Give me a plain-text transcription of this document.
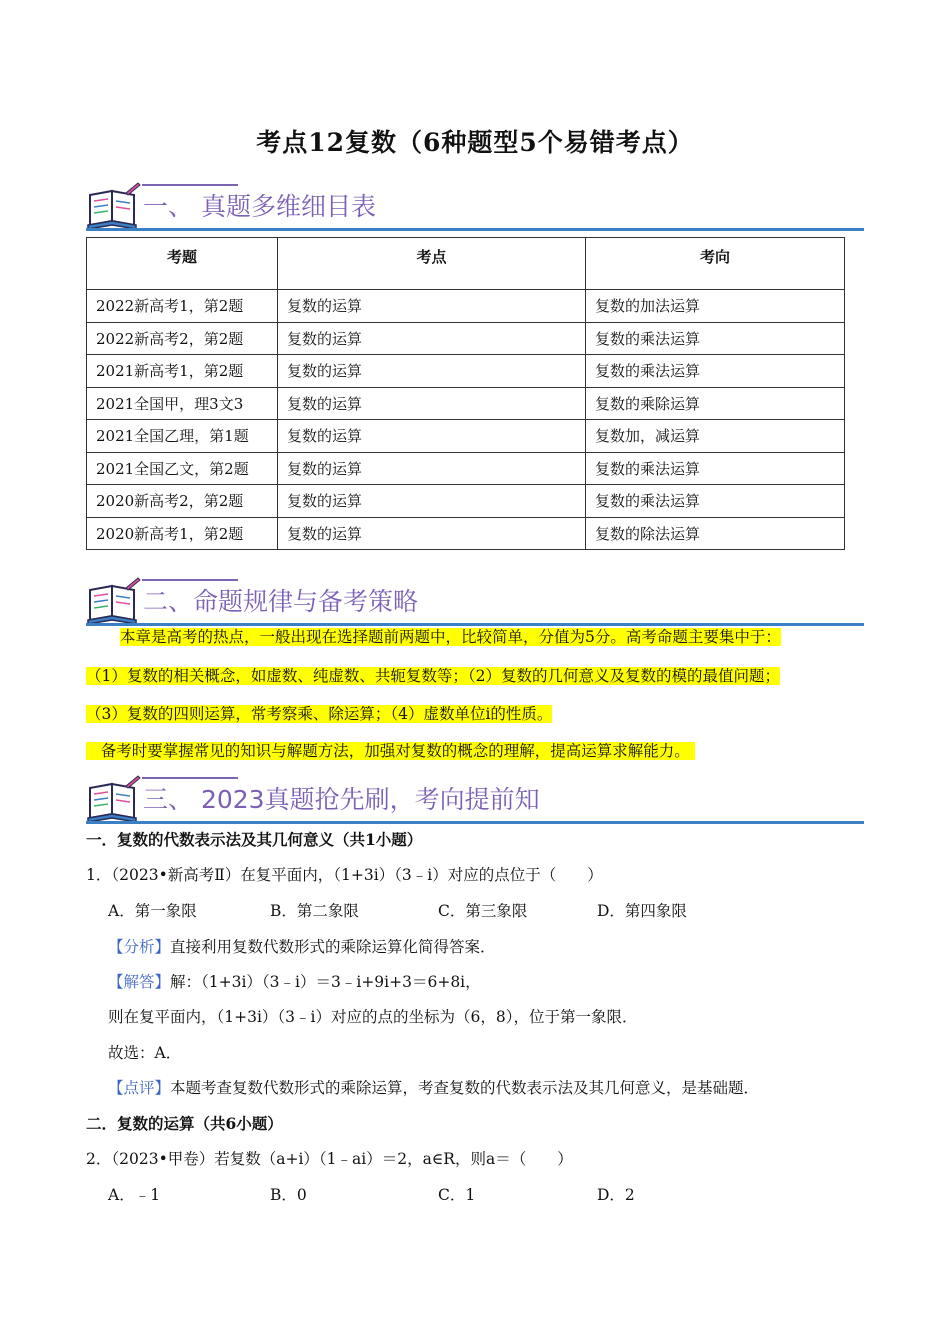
考点12复数（6种题型5个易错考点）
一、 真题多维细目表
考题	考点	考向
2022新高考1，第2题	复数的运算	复数的加法运算
2022新高考2，第2题	复数的运算	复数的乘法运算
2021新高考1，第2题	复数的运算	复数的乘法运算
2021全国甲，理3文3	复数的运算	复数的乘除运算
2021全国乙理，第1题	复数的运算	复数加，减运算
2021全国乙文，第2题	复数的运算	复数的乘法运算
2020新高考2，第2题	复数的运算	复数的乘法运算
2020新高考1，第2题	复数的运算	复数的除法运算
二、命题规律与备考策略
本章是高考的热点，一般出现在选择题前两题中，比较简单，分值为5分。高考命题主要集中于：
（1）复数的相关概念，如虚数、纯虚数、共轭复数等；（2）复数的几何意义及复数的模的最值问题；
（3）复数的四则运算，常考察乘、除运算；（4）虚数单位i的性质。
备考时要掌握常见的知识与解题方法，加强对复数的概念的理解，提高运算求解能力。
三、 2023真题抢先刷，考向提前知
一．复数的代数表示法及其几何意义（共1小题）
1．（2023•新高考Ⅱ）在复平面内，（1+3i）（3﹣i）对应的点位于（　　）
A．第一象限	B．第二象限	C．第三象限	D．第四象限
【分析】直接利用复数代数形式的乘除运算化简得答案．
【解答】解：（1+3i）（3﹣i）＝3﹣i+9i+3＝6+8i，
则在复平面内，（1+3i）（3﹣i）对应的点的坐标为（6，8），位于第一象限．
故选：A．
【点评】本题考查复数代数形式的乘除运算，考查复数的代数表示法及其几何意义，是基础题．
二．复数的运算（共6小题）
2．（2023•甲卷）若复数（a+i）（1﹣ai）＝2，a∈R，则a＝（　　）
A．﹣1	B．0	C．1	D．2
